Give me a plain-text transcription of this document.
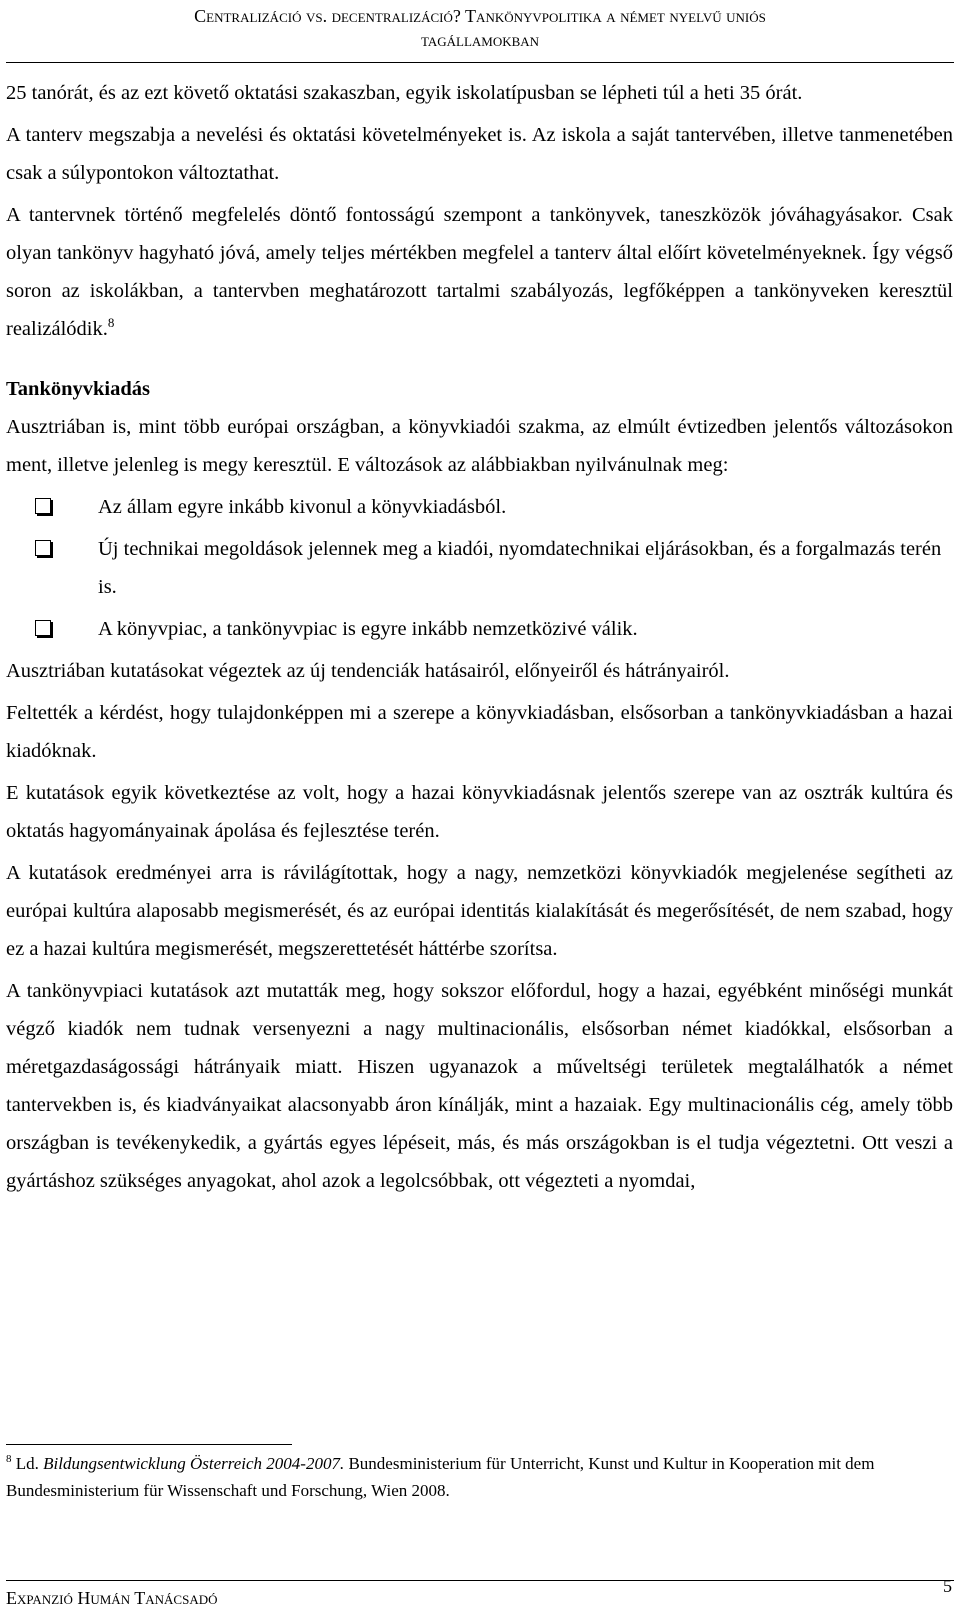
Centralizáció vs. decentralizáció? Tankönyvpolitika a német nyelvű uniós
tagállamokban

25 tanórát, és az ezt követő oktatási szakaszban, egyik iskolatípusban se lépheti túl a heti 35 órát.

A tanterv megszabja a nevelési és oktatási követelményeket is. Az iskola a saját tantervében, illetve tanmenetében csak a súlypontokon változtathat.

A tantervnek történő megfelelés döntő fontosságú szempont a tankönyvek, taneszközök jóváhagyásakor. Csak olyan tankönyv hagyható jóvá, amely teljes mértékben megfelel a tanterv által előírt követelményeknek. Így végső soron az iskolákban, a tantervben meghatározott tartalmi szabályozás, legfőképpen a tankönyveken keresztül realizálódik.$^8$

Tankönyvkiadás

Ausztriában is, mint több európai országban, a könyvkiadói szakma, az elmúlt évtizedben jelentős változásokon ment, illetve jelenleg is megy keresztül. E változások az alábbiakban nyilvánulnak meg:

Az állam egyre inkább kivonul a könyvkiadásból.
Új technikai megoldások jelennek meg a kiadói, nyomdatechnikai eljárásokban, és a forgalmazás terén is.
A könyvpiac, a tankönyvpiac is egyre inkább nemzetközivé válik.

Ausztriában kutatásokat végeztek az új tendenciák hatásairól, előnyeiről és hátrányairól.

Feltették a kérdést, hogy tulajdonképpen mi a szerepe a könyvkiadásban, elsősorban a tankönyvkiadásban a hazai kiadóknak.

E kutatások egyik következtése az volt, hogy a hazai könyvkiadásnak jelentős szerepe van az osztrák kultúra és oktatás hagyományainak ápolása és fejlesztése terén.

A kutatások eredményei arra is rávilágítottak, hogy a nagy, nemzetközi könyvkiadók megjelenése segítheti az európai kultúra alaposabb megismerését, és az európai identitás kialakítását és megerősítését, de nem szabad, hogy ez a hazai kultúra megismerését, megszerettetését háttérbe szorítsa.

A tankönyvpiaci kutatások azt mutatták meg, hogy sokszor előfordul, hogy a hazai, egyébként minőségi munkát végző kiadók nem tudnak versenyezni a nagy multinacionális, elsősorban német kiadókkal, elsősorban a méretgazdaságossági hátrányaik miatt. Hiszen ugyanazok a műveltségi területek megtalálhatók a német tantervekben is, és kiadványaikat alacsonyabb áron kínálják, mint a hazaiak. Egy multinacionális cég, amely több országban is tevékenykedik, a gyártás egyes lépéseit, más, és más országokban is el tudja végeztetni. Ott veszi a gyártáshoz szükséges anyagokat, ahol azok a legolcsóbbak, ott végezteti a nyomdai,

$^8$ Ld. Bildungsentwicklung Österreich 2004-2007. Bundesministerium für Unterricht, Kunst und Kultur in Kooperation mit dem Bundesministerium für Wissenschaft und Forschung, Wien 2008.
Expanzió Humán Tanácsadó
5
